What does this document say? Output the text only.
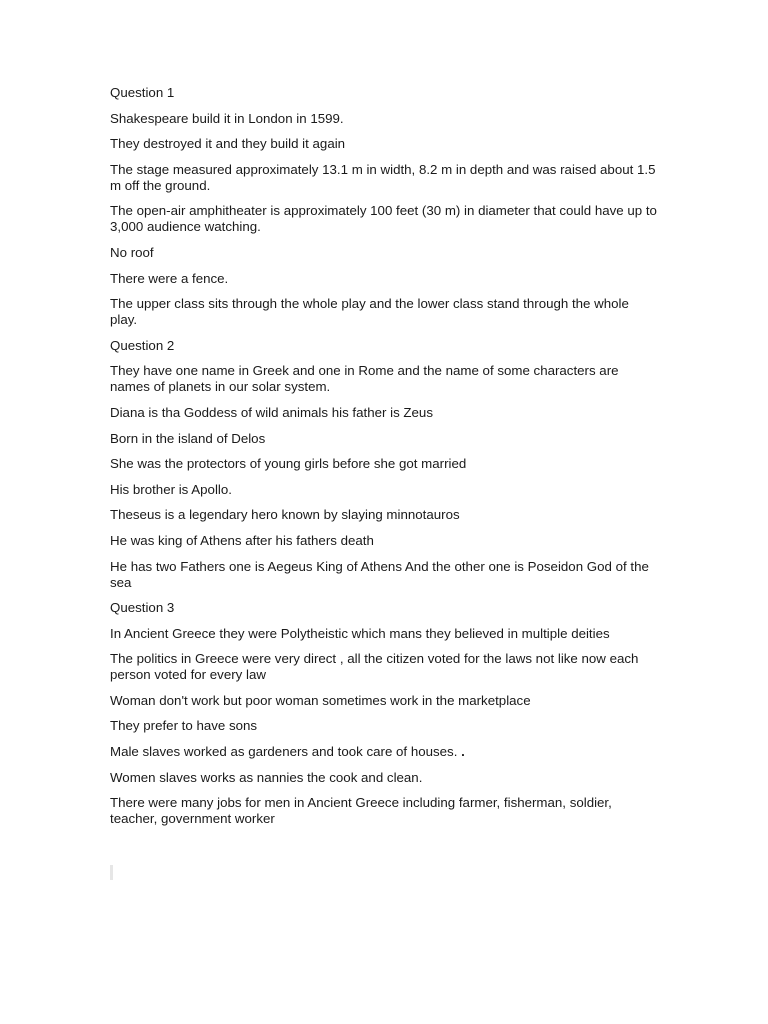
Question 1

Shakespeare build it in London in 1599.

They destroyed it and they build it again

The stage measured approximately 13.1 m in width, 8.2 m in depth and was raised about 1.5 m off the ground.

The open-air amphitheater is approximately 100 feet (30 m) in diameter that could have up to 3,000 audience watching.

No roof

There were a fence.

The upper class sits through the whole play and the lower class stand through the whole play.

Question 2

They have one name in Greek and one in Rome and the name of some characters are names of planets in our solar system.

Diana is tha Goddess of wild animals his father is Zeus

Born in the island of Delos

She was the protectors of young girls before she got married

His brother is Apollo.

Theseus is a legendary hero known by slaying minnotauros

He was king of Athens after his fathers death

He has two Fathers one is Aegeus King of Athens And the other one is Poseidon God of the sea

Question 3

In Ancient Greece they were Polytheistic which mans they believed in multiple deities

The politics in Greece were very direct , all the citizen voted for the laws not like now each person voted for every law

Woman don't work but poor woman sometimes work in the marketplace

They prefer to have sons

Male slaves worked as gardeners and took care of houses. .

Women slaves works as nannies the cook and clean.

There were many jobs for men in Ancient Greece including farmer, fisherman, soldier, teacher, government worker
